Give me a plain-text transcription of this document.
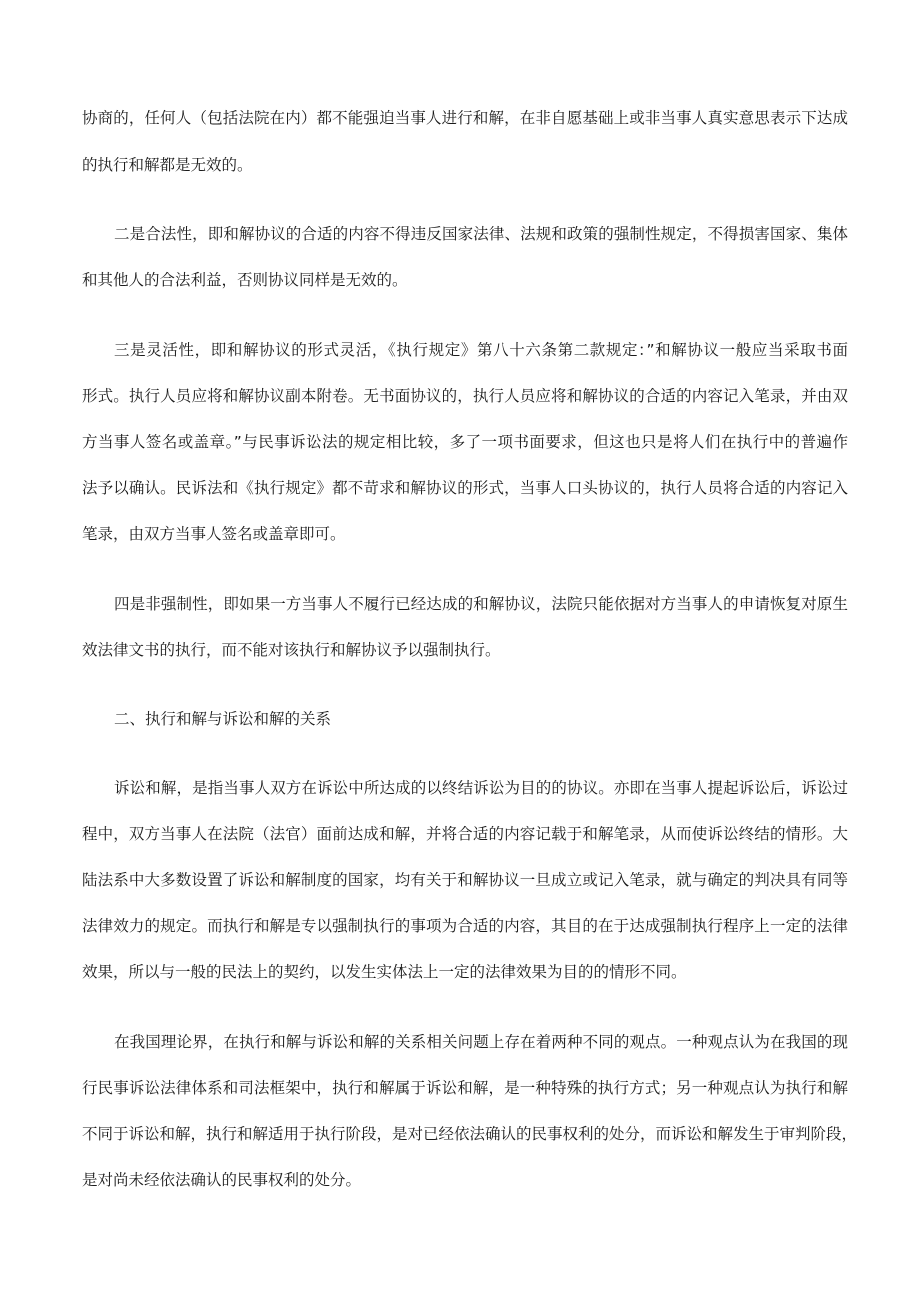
协商的，任何人（包括法院在内）都不能强迫当事人进行和解，在非自愿基础上或非当事人真实意思表示下达成
的执行和解都是无效的。
二是合法性，即和解协议的合适的内容不得违反国家法律、法规和政策的强制性规定，不得损害国家、集体
和其他人的合法利益，否则协议同样是无效的。
三是灵活性，即和解协议的形式灵活，《执行规定》第八十六条第二款规定：”和解协议一般应当采取书面
形式。执行人员应将和解协议副本附卷。无书面协议的，执行人员应将和解协议的合适的内容记入笔录，并由双
方当事人签名或盖章。”与民事诉讼法的规定相比较，多了一项书面要求，但这也只是将人们在执行中的普遍作
法予以确认。民诉法和《执行规定》都不苛求和解协议的形式，当事人口头协议的，执行人员将合适的内容记入
笔录，由双方当事人签名或盖章即可。
四是非强制性，即如果一方当事人不履行已经达成的和解协议，法院只能依据对方当事人的申请恢复对原生
效法律文书的执行，而不能对该执行和解协议予以强制执行。
二、执行和解与诉讼和解的关系
诉讼和解，是指当事人双方在诉讼中所达成的以终结诉讼为目的的协议。亦即在当事人提起诉讼后，诉讼过
程中，双方当事人在法院（法官）面前达成和解，并将合适的内容记载于和解笔录，从而使诉讼终结的情形。大
陆法系中大多数设置了诉讼和解制度的国家，均有关于和解协议一旦成立或记入笔录，就与确定的判决具有同等
法律效力的规定。而执行和解是专以强制执行的事项为合适的内容，其目的在于达成强制执行程序上一定的法律
效果，所以与一般的民法上的契约，以发生实体法上一定的法律效果为目的的情形不同。
在我国理论界，在执行和解与诉讼和解的关系相关问题上存在着两种不同的观点。一种观点认为在我国的现
行民事诉讼法律体系和司法框架中，执行和解属于诉讼和解，是一种特殊的执行方式；另一种观点认为执行和解
不同于诉讼和解，执行和解适用于执行阶段，是对已经依法确认的民事权利的处分，而诉讼和解发生于审判阶段，
是对尚未经依法确认的民事权利的处分。
